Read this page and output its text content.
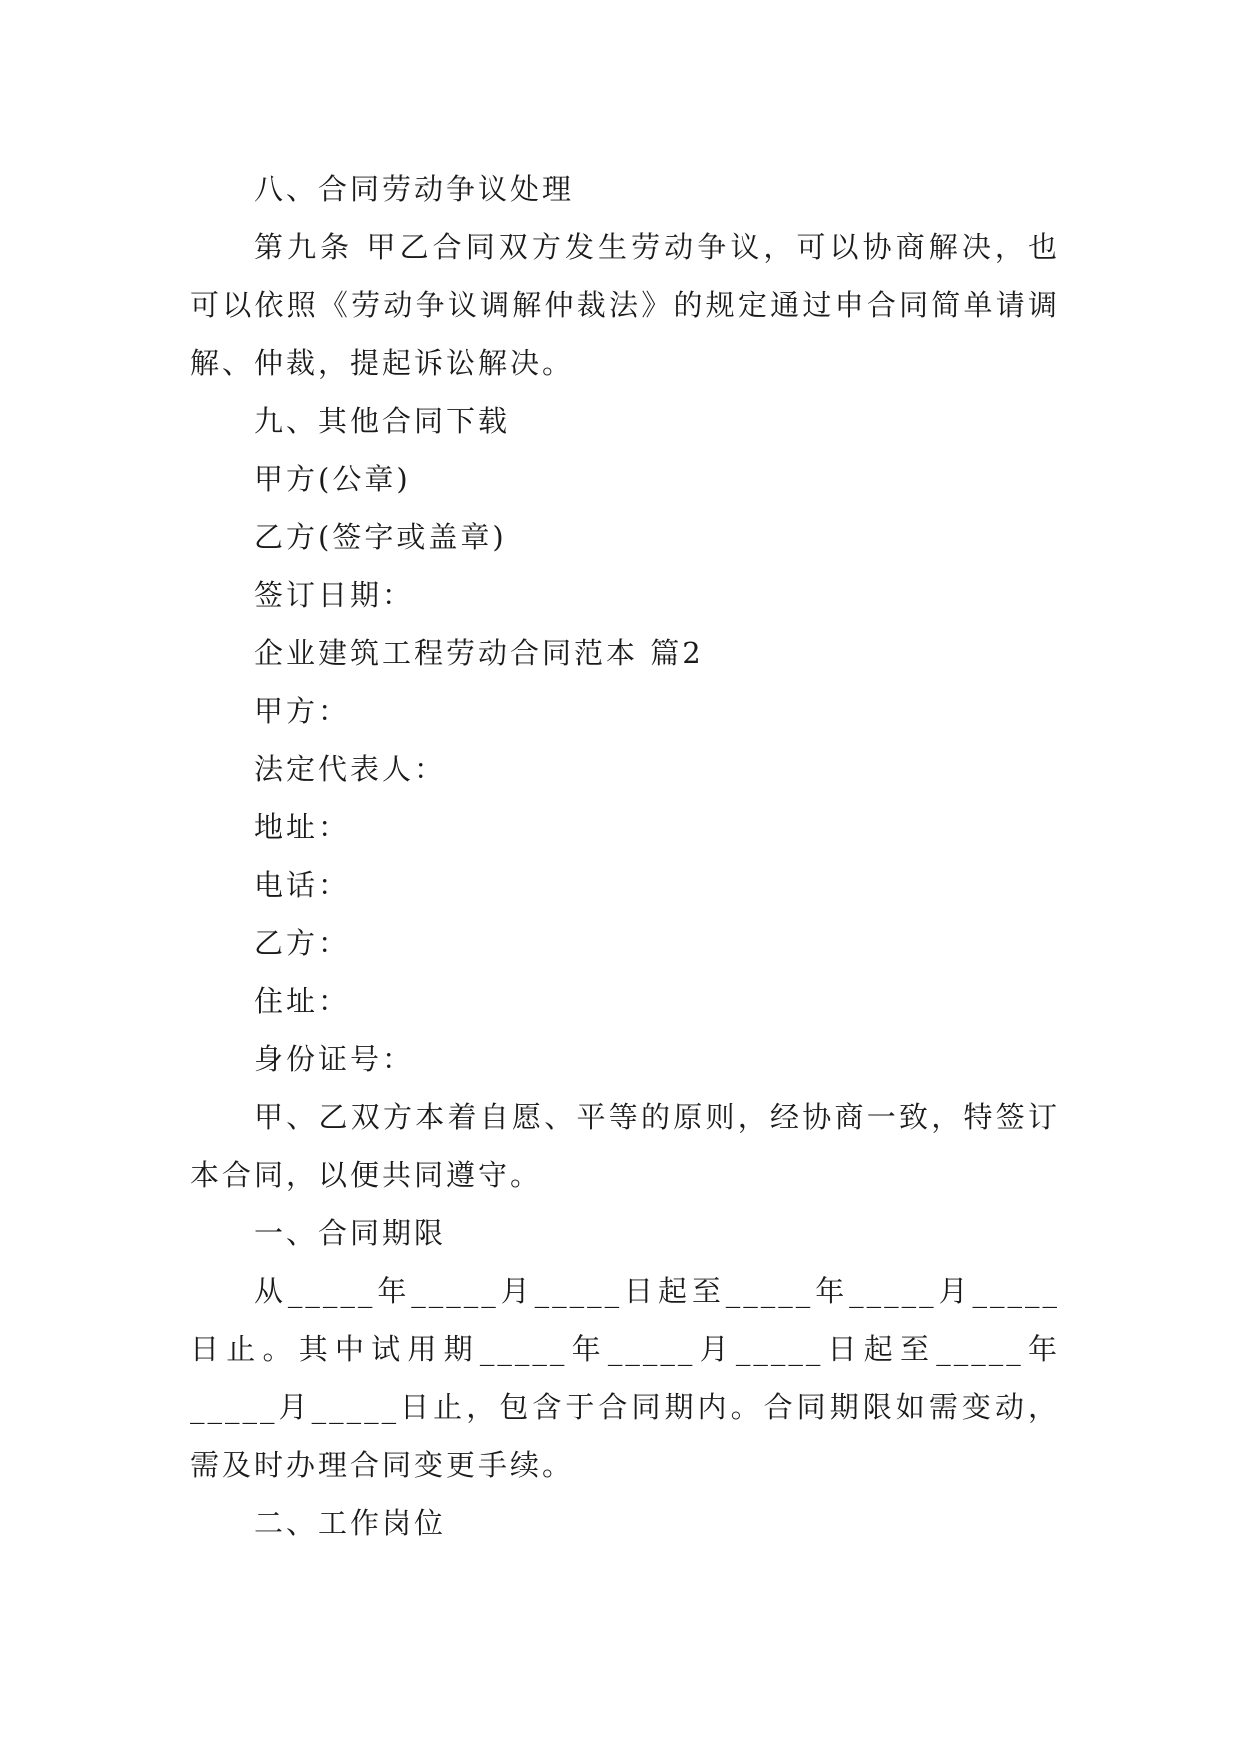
八、合同劳动争议处理

第九条 甲乙合同双方发生劳动争议，可以协商解决，也可以依照《劳动争议调解仲裁法》的规定通过申合同简单请调解、仲裁，提起诉讼解决。

九、其他合同下载

甲方(公章)

乙方(签字或盖章)

签订日期：

企业建筑工程劳动合同范本 篇2

甲方：

法定代表人：

地址：

电话：

乙方：

住址：

身份证号：

甲、乙双方本着自愿、平等的原则，经协商一致，特签订本合同，以便共同遵守。

一、合同期限

从_____年_____月_____日起至_____年_____月_____日止。其中试用期_____年_____月_____日起至_____年_____月_____日止，包含于合同期内。合同期限如需变动，需及时办理合同变更手续。

二、工作岗位
